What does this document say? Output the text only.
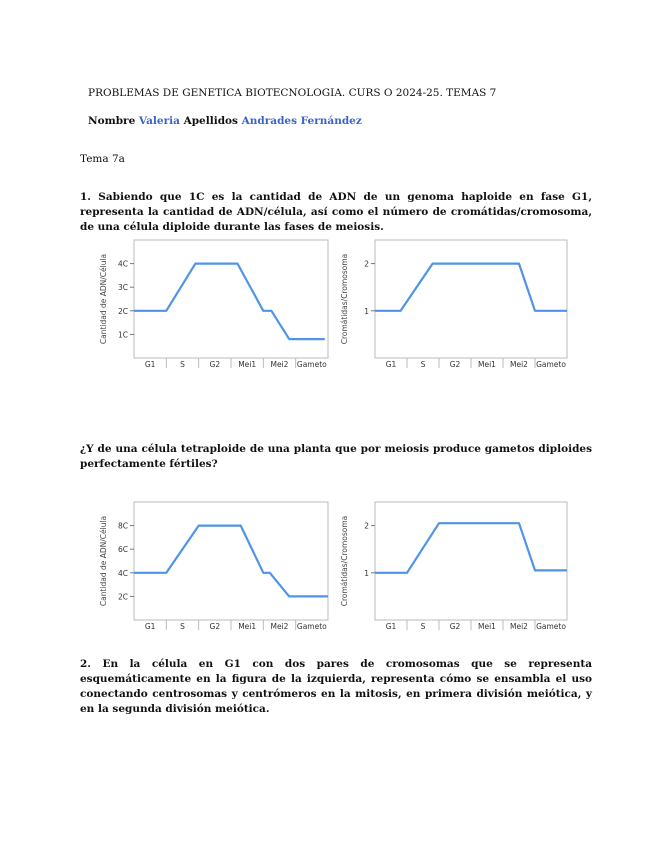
PROBLEMAS DE GENETICA BIOTECNOLOGIA. CURS O 2024-25. TEMAS 7
Nombre Valeria Apellidos Andrades Fernández
Tema 7a
1. Sabiendo que 1C es la cantidad de ADN de un genoma haploide en fase G1, representa la cantidad de ADN/célula, así como el número de cromátidas/cromosoma, de una célula diploide durante las fases de meiosis.
Cantidad de ADN/Célula 1C
2C
3C
4C
G1	S	G2 Mei1 Mei2 Gameto
Cromátidas/Cromosoma 1
2
G1	S	G2 Mei1 Mei2 Gameto
¿Y de una célula tetraploide de una planta que por meiosis produce gametos diploides perfectamente fértiles?
Cantidad de ADN/Célula 2C
4C
6C
8C
G1	S	G2 Mei1 Mei2 Gameto
Cromátidas/Cromosoma 1
2
G1	S	G2 Mei1 Mei2 Gameto
2. En la célula en G1 con dos pares de cromosomas que se representa esquemáticamente en la figura de la izquierda, representa cómo se ensambla el uso conectando centrosomas y centrómeros en la mitosis, en primera división meiótica, y en la segunda división meiótica.
